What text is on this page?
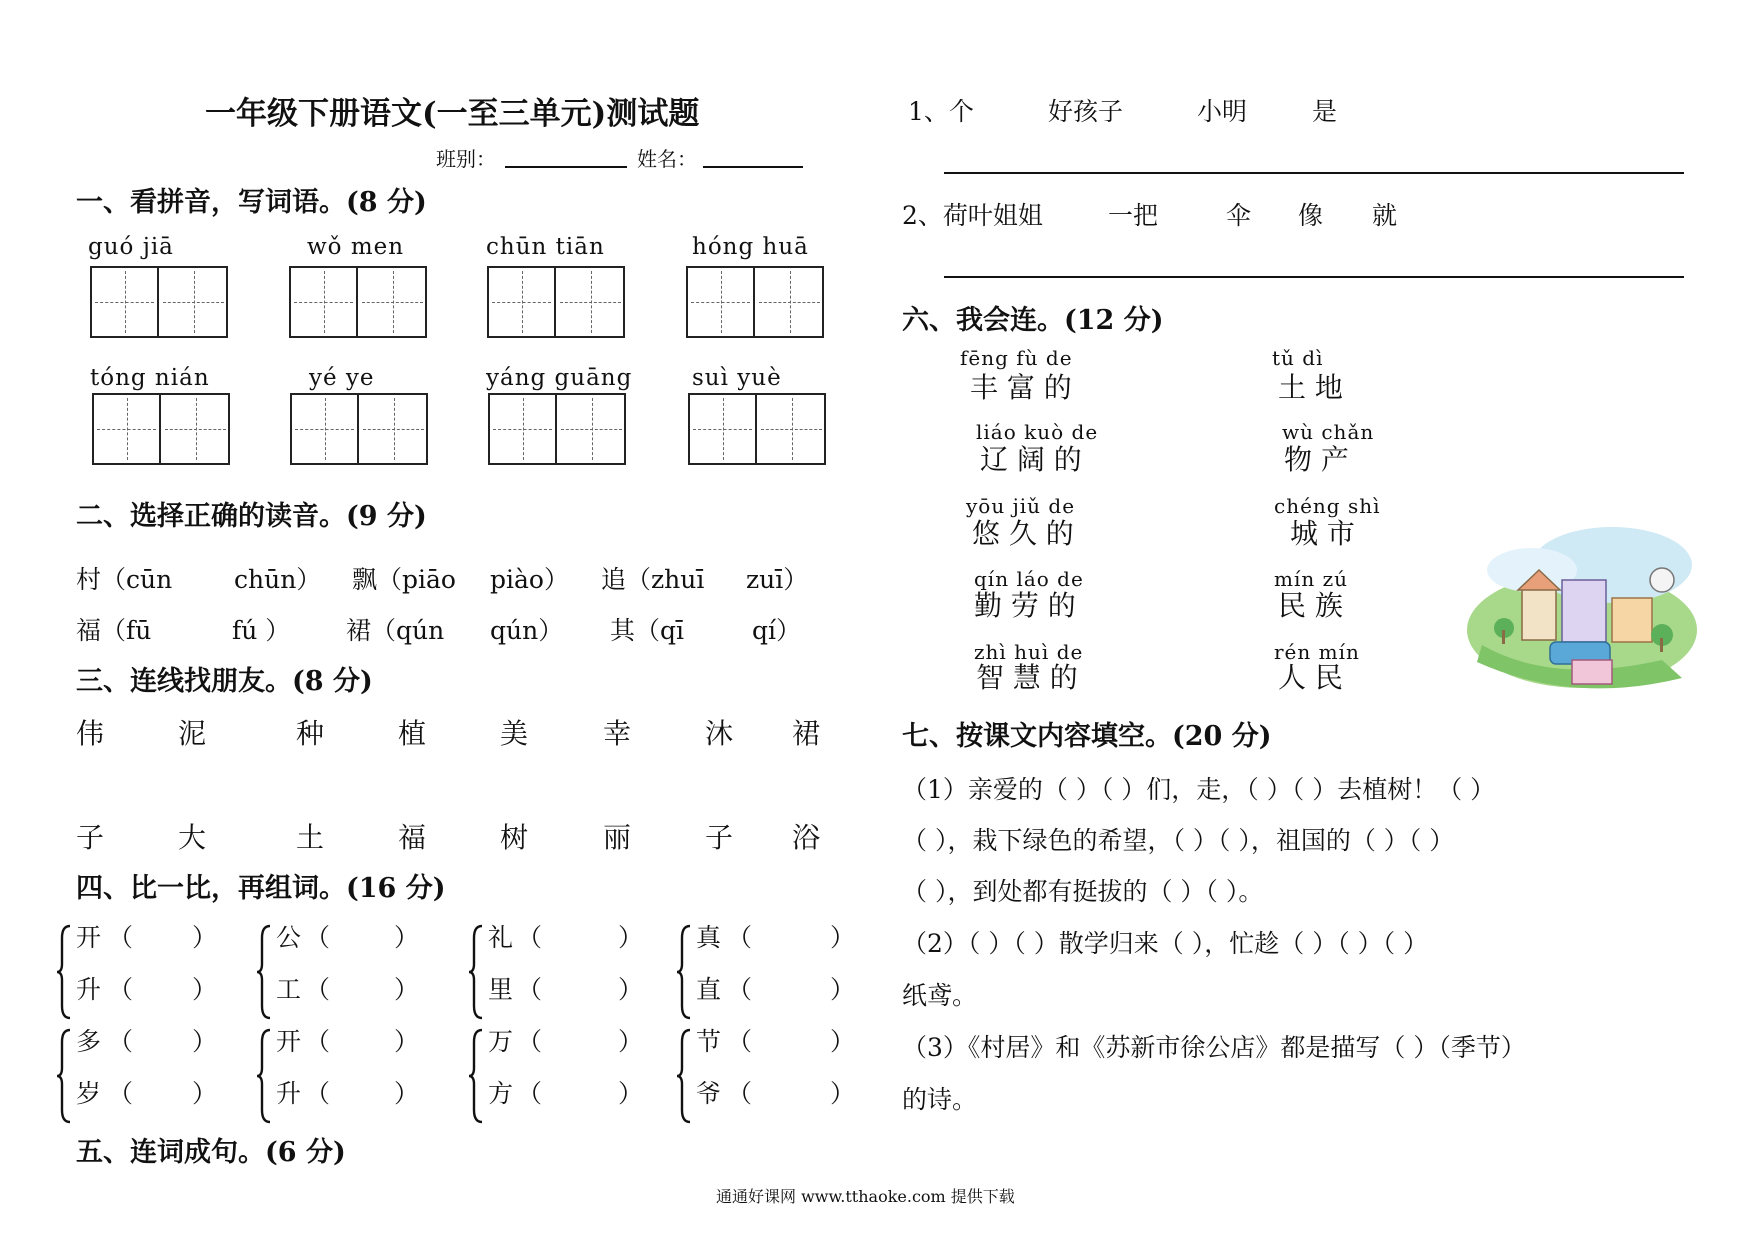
一年级下册语文(一至三单元)测试题
班别：	姓名：
一、看拼音，写词语。(8 分)
guó jiā	wǒ men	chūn tiān	hóng huā
tóng nián	yé ye	yáng guāng	suì yuè
二、选择正确的读音。(9 分)
村（cūn chūn） 飘（piāo piào） 追（zhuī zuī）
福（fū	fú ） 裙（qún qún） 其（qī	qí）
三、连线找朋友。(8 分)
伟	泥	种	植	美	幸	沐 裙
子	大	土	福	树	丽	子 浴
四、比一比，再组词。(16 分)
开 （ ）
升 （ ）
公 （	）
工 （	）
礼 （	）
里 （	）
真 （	）
直 （	）
多 （ ）
岁 （ ）
开 （	）
升 （	）
万 （	）
方 （	）
节 （	）
爷 （	）
五、连词成句。(6 分)
1、个	好孩子	小明	是
2、荷叶姐姐	一把	伞 像 就
六、我会连。(12 分)
fēng fù de
丰 富 的
liáo kuò de
辽 阔 的
yōu jiǔ de
悠 久 的
qín láo de
勤 劳 的
zhì huì de
智 慧 的
tǔ dì
土 地
wù chǎn
物 产
chéng shì
城 市
mín zú
民 族
rén mín
人 民
七、按课文内容填空。(20 分)
（1）亲爱的（ ）（ ）们，走，（ ）（ ）去植树！（ ）
（ ），栽下绿色的希望，（ ）（ ），祖国的（ ）（ ）
（ ），到处都有挺拔的（ ）（ ）。
（2）（ ）（ ）散学归来（ ），忙趁（ ）（ ）（ ）
纸鸢。
（3）《村居》和《苏新市徐公店》都是描写（ ）（季节）
的诗。
通通好课网 www.tthaoke.com 提供下载
